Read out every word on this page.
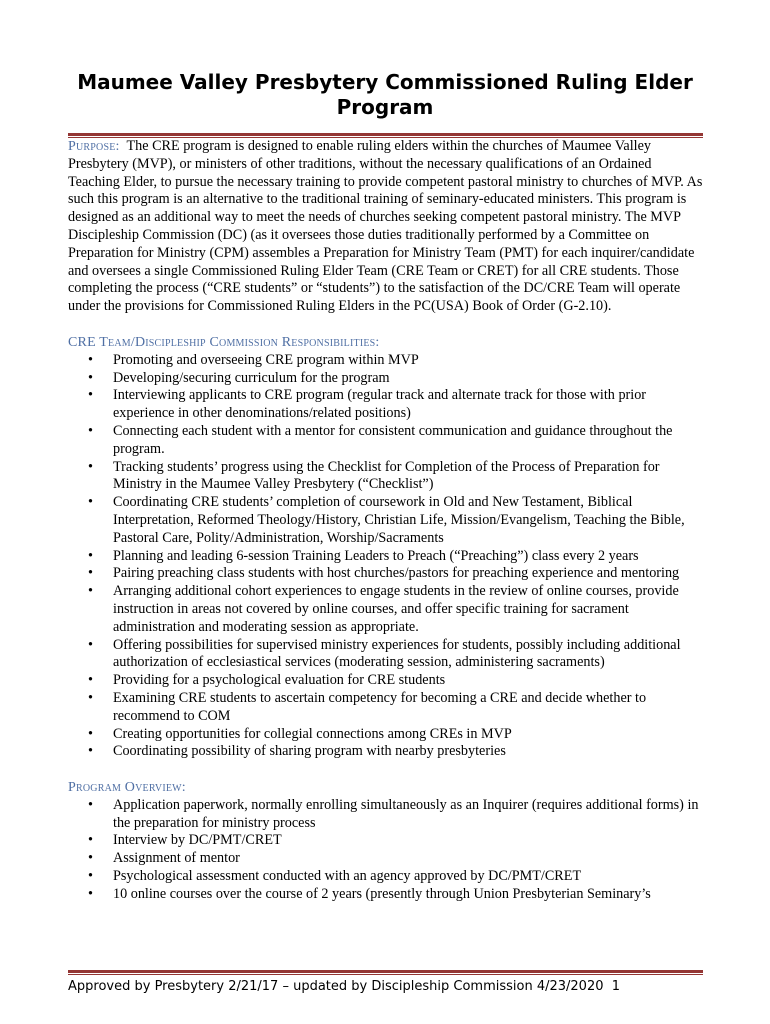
Maumee Valley Presbytery Commissioned Ruling Elder Program

Purpose: The CRE program is designed to enable ruling elders within the churches of Maumee Valley Presbytery (MVP), or ministers of other traditions, without the necessary qualifications of an Ordained Teaching Elder, to pursue the necessary training to provide competent pastoral ministry to churches of MVP. As such this program is an alternative to the traditional training of seminary-educated ministers. This program is designed as an additional way to meet the needs of churches seeking competent pastoral ministry. The MVP Discipleship Commission (DC) (as it oversees those duties traditionally performed by a Committee on Preparation for Ministry (CPM) assembles a Preparation for Ministry Team (PMT) for each inquirer/candidate and oversees a single Commissioned Ruling Elder Team (CRE Team or CRET) for all CRE students. Those completing the process (“CRE students” or “students”) to the satisfaction of the DC/CRE Team will operate under the provisions for Commissioned Ruling Elders in the PC(USA) Book of Order (G-2.10).

CRE Team/Discipleship Commission Responsibilities:

• Promoting and overseeing CRE program within MVP
• Developing/securing curriculum for the program
• Interviewing applicants to CRE program (regular track and alternate track for those with prior experience in other denominations/related positions)
• Connecting each student with a mentor for consistent communication and guidance throughout the program.
• Tracking students’ progress using the Checklist for Completion of the Process of Preparation for Ministry in the Maumee Valley Presbytery (“Checklist”)
• Coordinating CRE students’ completion of coursework in Old and New Testament, Biblical Interpretation, Reformed Theology/History, Christian Life, Mission/Evangelism, Teaching the Bible, Pastoral Care, Polity/Administration, Worship/Sacraments
• Planning and leading 6-session Training Leaders to Preach (“Preaching”) class every 2 years
• Pairing preaching class students with host churches/pastors for preaching experience and mentoring
• Arranging additional cohort experiences to engage students in the review of online courses, provide instruction in areas not covered by online courses, and offer specific training for sacrament administration and moderating session as appropriate.
• Offering possibilities for supervised ministry experiences for students, possibly including additional authorization of ecclesiastical services (moderating session, administering sacraments)
• Providing for a psychological evaluation for CRE students
• Examining CRE students to ascertain competency for becoming a CRE and decide whether to recommend to COM
• Creating opportunities for collegial connections among CREs in MVP
• Coordinating possibility of sharing program with nearby presbyteries

Program Overview:

• Application paperwork, normally enrolling simultaneously as an Inquirer (requires additional forms) in the preparation for ministry process
• Interview by DC/PMT/CRET
• Assignment of mentor
• Psychological assessment conducted with an agency approved by DC/PMT/CRET
• 10 online courses over the course of 2 years (presently through Union Presbyterian Seminary’s
Approved by Presbytery 2/21/17 – updated by Discipleship Commission 4/23/2020 1
